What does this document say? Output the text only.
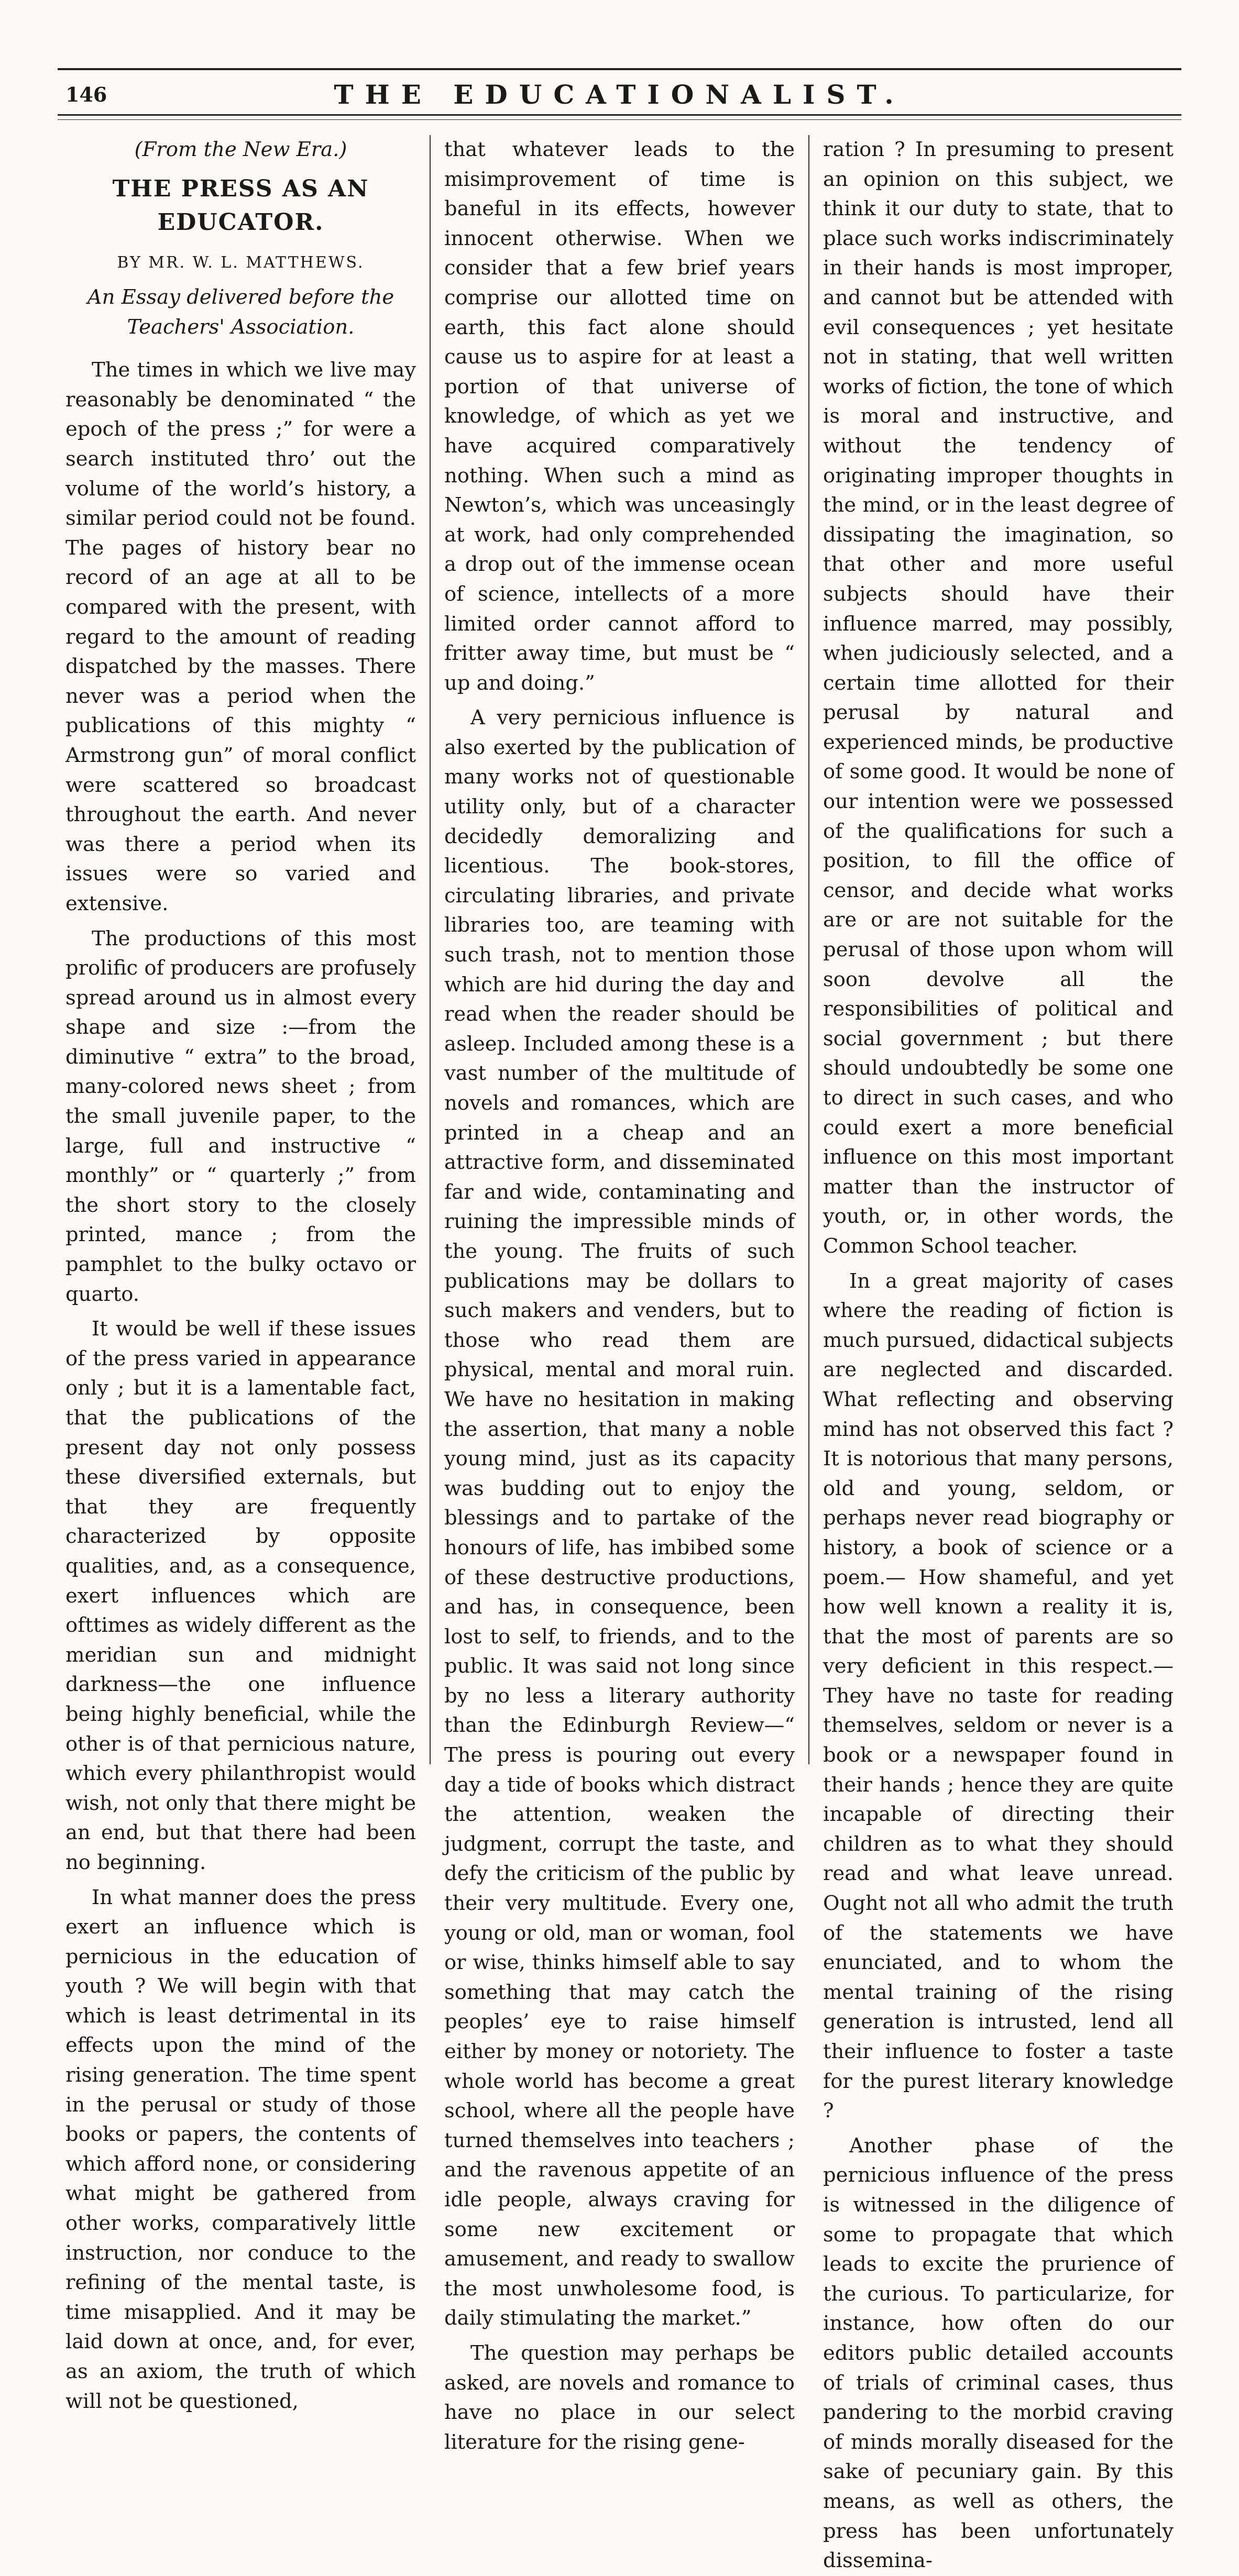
146	THE EDUCATIONALIST.
(From the New Era.)
THE PRESS AS AN EDUCATOR.
BY MR. W. L. MATTHEWS.
An Essay delivered before the Teachers' Association.

The times in which we live may reasonably be denominated “ the epoch of the press ;” for were a search instituted thro’ out the volume of the world’s history, a similar period could not be found. The pages of history bear no record of an age at all to be compared with the present, with regard to the amount of reading dispatched by the masses. There never was a period when the publications of this mighty “ Armstrong gun” of moral conflict were scattered so broadcast throughout the earth. And never was there a period when its issues were so varied and extensive.

The productions of this most prolific of producers are profusely spread around us in almost every shape and size :—from the diminutive “ extra” to the broad, many-colored news sheet ; from the small juvenile paper, to the large, full and instructive “ monthly” or “ quarterly ;” from the short story to the closely printed, mance ; from the pamphlet to the bulky octavo or quarto.

It would be well if these issues of the press varied in appearance only ; but it is a lamentable fact, that the publications of the present day not only possess these diversified externals, but that they are frequently characterized by opposite qualities, and, as a consequence, exert influences which are ofttimes as widely different as the meridian sun and midnight darkness—the one influence being highly beneficial, while the other is of that pernicious nature, which every philanthropist would wish, not only that there might be an end, but that there had been no beginning.

In what manner does the press exert an influence which is pernicious in the education of youth ? We will begin with that which is least detrimental in its effects upon the mind of the rising generation. The time spent in the perusal or study of those books or papers, the contents of which afford none, or considering what might be gathered from other works, comparatively little instruction, nor conduce to the refining of the mental taste, is time misapplied. And it may be laid down at once, and, for ever, as an axiom, the truth of which will not be questioned,

that whatever leads to the misimprovement of time is baneful in its effects, however innocent otherwise. When we consider that a few brief years comprise our allotted time on earth, this fact alone should cause us to aspire for at least a portion of that universe of knowledge, of which as yet we have acquired comparatively nothing. When such a mind as Newton’s, which was unceasingly at work, had only comprehended a drop out of the immense ocean of science, intellects of a more limited order cannot afford to fritter away time, but must be “ up and doing.”

A very pernicious influence is also exerted by the publication of many works not of questionable utility only, but of a character decidedly demoralizing and licentious. The book-stores, circulating libraries, and private libraries too, are teaming with such trash, not to mention those which are hid during the day and read when the reader should be asleep. Included among these is a vast number of the multitude of novels and romances, which are printed in a cheap and an attractive form, and disseminated far and wide, contaminating and ruining the impressible minds of the young. The fruits of such publications may be dollars to such makers and venders, but to those who read them are physical, mental and moral ruin. We have no hesitation in making the assertion, that many a noble young mind, just as its capacity was budding out to enjoy the blessings and to partake of the honours of life, has imbibed some of these destructive productions, and has, in consequence, been lost to self, to friends, and to the public. It was said not long since by no less a literary authority than the Edinburgh Review—“ The press is pouring out every day a tide of books which distract the attention, weaken the judgment, corrupt the taste, and defy the criticism of the public by their very multitude. Every one, young or old, man or woman, fool or wise, thinks himself able to say something that may catch the peoples’ eye to raise himself either by money or notoriety. The whole world has become a great school, where all the people have turned themselves into teachers ; and the ravenous appetite of an idle people, always craving for some new excitement or amusement, and ready to swallow the most unwholesome food, is daily stimulating the market.”

The question may perhaps be asked, are novels and romance to have no place in our select literature for the rising gene-

ration ? In presuming to present an opinion on this subject, we think it our duty to state, that to place such works indiscriminately in their hands is most improper, and cannot but be attended with evil consequences ; yet hesitate not in stating, that well written works of fiction, the tone of which is moral and instructive, and without the tendency of originating improper thoughts in the mind, or in the least degree of dissipating the imagination, so that other and more useful subjects should have their influence marred, may possibly, when judiciously selected, and a certain time allotted for their perusal by natural and experienced minds, be productive of some good. It would be none of our intention were we possessed of the qualifications for such a position, to fill the office of censor, and decide what works are or are not suitable for the perusal of those upon whom will soon devolve all the responsibilities of political and social government ; but there should undoubtedly be some one to direct in such cases, and who could exert a more beneficial influence on this most important matter than the instructor of youth, or, in other words, the Common School teacher.

In a great majority of cases where the reading of fiction is much pursued, didactical subjects are neglected and discarded. What reflecting and observing mind has not observed this fact ? It is notorious that many persons, old and young, seldom, or perhaps never read biography or history, a book of science or a poem.— How shameful, and yet how well known a reality it is, that the most of parents are so very deficient in this respect.— They have no taste for reading themselves, seldom or never is a book or a newspaper found in their hands ; hence they are quite incapable of directing their children as to what they should read and what leave unread. Ought not all who admit the truth of the statements we have enunciated, and to whom the mental training of the rising generation is intrusted, lend all their influence to foster a taste for the purest literary knowledge ?

Another phase of the pernicious influence of the press is witnessed in the diligence of some to propagate that which leads to excite the prurience of the curious. To particularize, for instance, how often do our editors public detailed accounts of trials of criminal cases, thus pandering to the morbid craving of minds morally diseased for the sake of pecuniary gain. By this means, as well as others, the press has been unfortunately dissemina-
